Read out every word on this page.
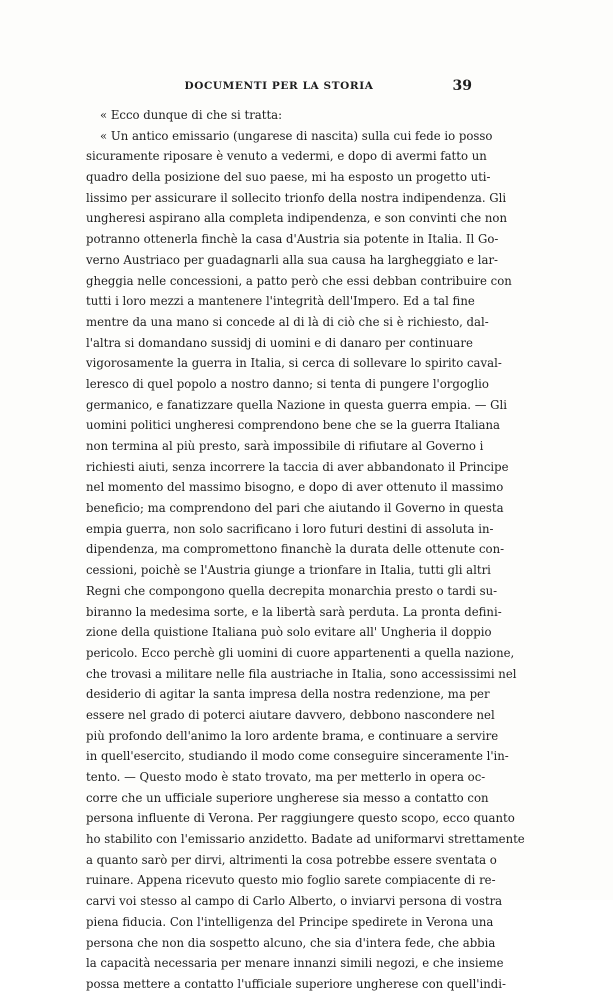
DOCUMENTI PER LA STORIA	39
« Ecco dunque di che si tratta:
« Un antico emissario (ungarese di nascita) sulla cui fede io posso
sicuramente riposare è venuto a vedermi, e dopo di avermi fatto un
quadro della posizione del suo paese, mi ha esposto un progetto uti-
lissimo per assicurare il sollecito trionfo della nostra indipendenza. Gli
ungheresi aspirano alla completa indipendenza, e son convinti che non
potranno ottenerla finchè la casa d'Austria sia potente in Italia. Il Go-
verno Austriaco per guadagnarli alla sua causa ha largheggiato e lar-
gheggia nelle concessioni, a patto però che essi debban contribuire con
tutti i loro mezzi a mantenere l'integrità dell'Impero. Ed a tal fine
mentre da una mano si concede al di là di ciò che si è richiesto, dal-
l'altra si domandano sussidj di uomini e di danaro per continuare
vigorosamente la guerra in Italia, si cerca di sollevare lo spirito caval-
leresco di quel popolo a nostro danno; si tenta di pungere l'orgoglio
germanico, e fanatizzare quella Nazione in questa guerra empia. — Gli
uomini politici ungheresi comprendono bene che se la guerra Italiana
non termina al più presto, sarà impossibile di rifiutare al Governo i
richiesti aiuti, senza incorrere la taccia di aver abbandonato il Principe
nel momento del massimo bisogno, e dopo di aver ottenuto il massimo
beneficio; ma comprendono del pari che aiutando il Governo in questa
empia guerra, non solo sacrificano i loro futuri destini di assoluta in-
dipendenza, ma compromettono financhè la durata delle ottenute con-
cessioni, poichè se l'Austria giunge a trionfare in Italia, tutti gli altri
Regni che compongono quella decrepita monarchia presto o tardi su-
biranno la medesima sorte, e la libertà sarà perduta. La pronta defini-
zione della quistione Italiana può solo evitare all' Ungheria il doppio
pericolo. Ecco perchè gli uomini di cuore appartenenti a quella nazione,
che trovasi a militare nelle fila austriache in Italia, sono accessissimi nel
desiderio di agitar la santa impresa della nostra redenzione, ma per
essere nel grado di poterci aiutare davvero, debbono nascondere nel
più profondo dell'animo la loro ardente brama, e continuare a servire
in quell'esercito, studiando il modo come conseguire sinceramente l'in-
tento. — Questo modo è stato trovato, ma per metterlo in opera oc-
corre che un ufficiale superiore ungherese sia messo a contatto con
persona influente di Verona. Per raggiungere questo scopo, ecco quanto
ho stabilito con l'emissario anzidetto. Badate ad uniformarvi strettamente
a quanto sarò per dirvi, altrimenti la cosa potrebbe essere sventata o
ruinare. Appena ricevuto questo mio foglio sarete compiacente di re-
carvi voi stesso al campo di Carlo Alberto, o inviarvi persona di vostra
piena fiducia. Con l'intelligenza del Principe spedirete in Verona una
persona che non dia sospetto alcuno, che sia d'intera fede, che abbia
la capacità necessaria per menare innanzi simili negozi, e che insieme
possa mettere a contatto l'ufficiale superiore ungherese con quell'indi-
